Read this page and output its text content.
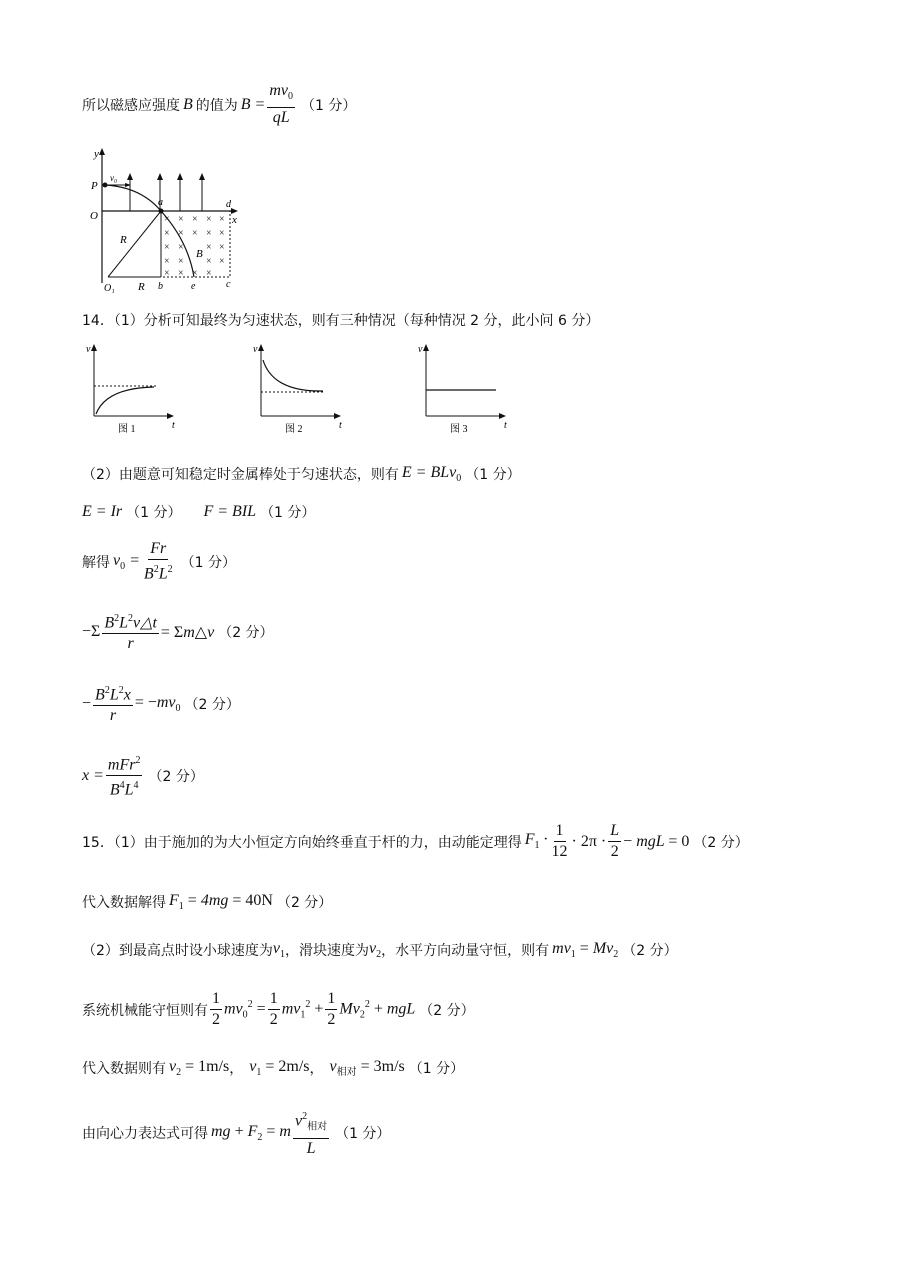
所以磁感应强度 B 的值为 $B = \frac{mv_0}{qL} (1$ 分）
y
x
O
P
v₀
a	d
c
× × × × ×
× × × × ×
× × × ×
× × × ×
× × × ×
B
R
R
O₁	b	e
14．（1）分析可知最终为匀速状态，则有三种情况（每种情况 2 分，此小问 6 分）
v
t
图 1
v
t
图 2
v
t
图 3
（2）由题意可知稳定时金属棒处于匀速状态，则有 E = BLv$_0$ （1 分）
E = Ir （1 分） F = BIL （1 分）
解得 $v_0 = \frac{Fr}{B^2L^2} (1$ 分）
$-\Sigma \frac{B^2L^2v\triangle t}{r}$ = Σm△v （2 分）
− $\frac{B^2L^2x}{r} = -mv_0$ （2 分）
$x = \frac{mFr^2}{B^4L^4} (2$ 分）
15．（1）由于施加的为大小恒定方向始终垂直于杆的力，由动能定理得 $F_1 \cdot \frac{1}{12} \cdot 2\pi \cdot \frac{L}{2}$ − mgL = 0 （2 分）
代入数据解得 $F_1 = 4mg = 40N$ （2 分）
（2）到最高点时设小球速度为 $v_1$ ，滑块速度为 $v_2$ ，水平方向动量守恒，则有 $mv_1 = Mv_2$ （2 分）
系统机械能守恒则有 $\frac{1}{2} mv_0^2 = \frac{1}{2} mv_1^2 + \frac{1}{2} Mv_2^2$ + mgL （2 分）
代入数据则有 $v_2 = 1m/s$ ， $v_1 = 2m/s$ ， $v_{相对} = 3m/s$ （1 分）
由向心力表达式可得 mg + $F_2 = m \frac{v^2_{相对}}{L} (1$ 分）
